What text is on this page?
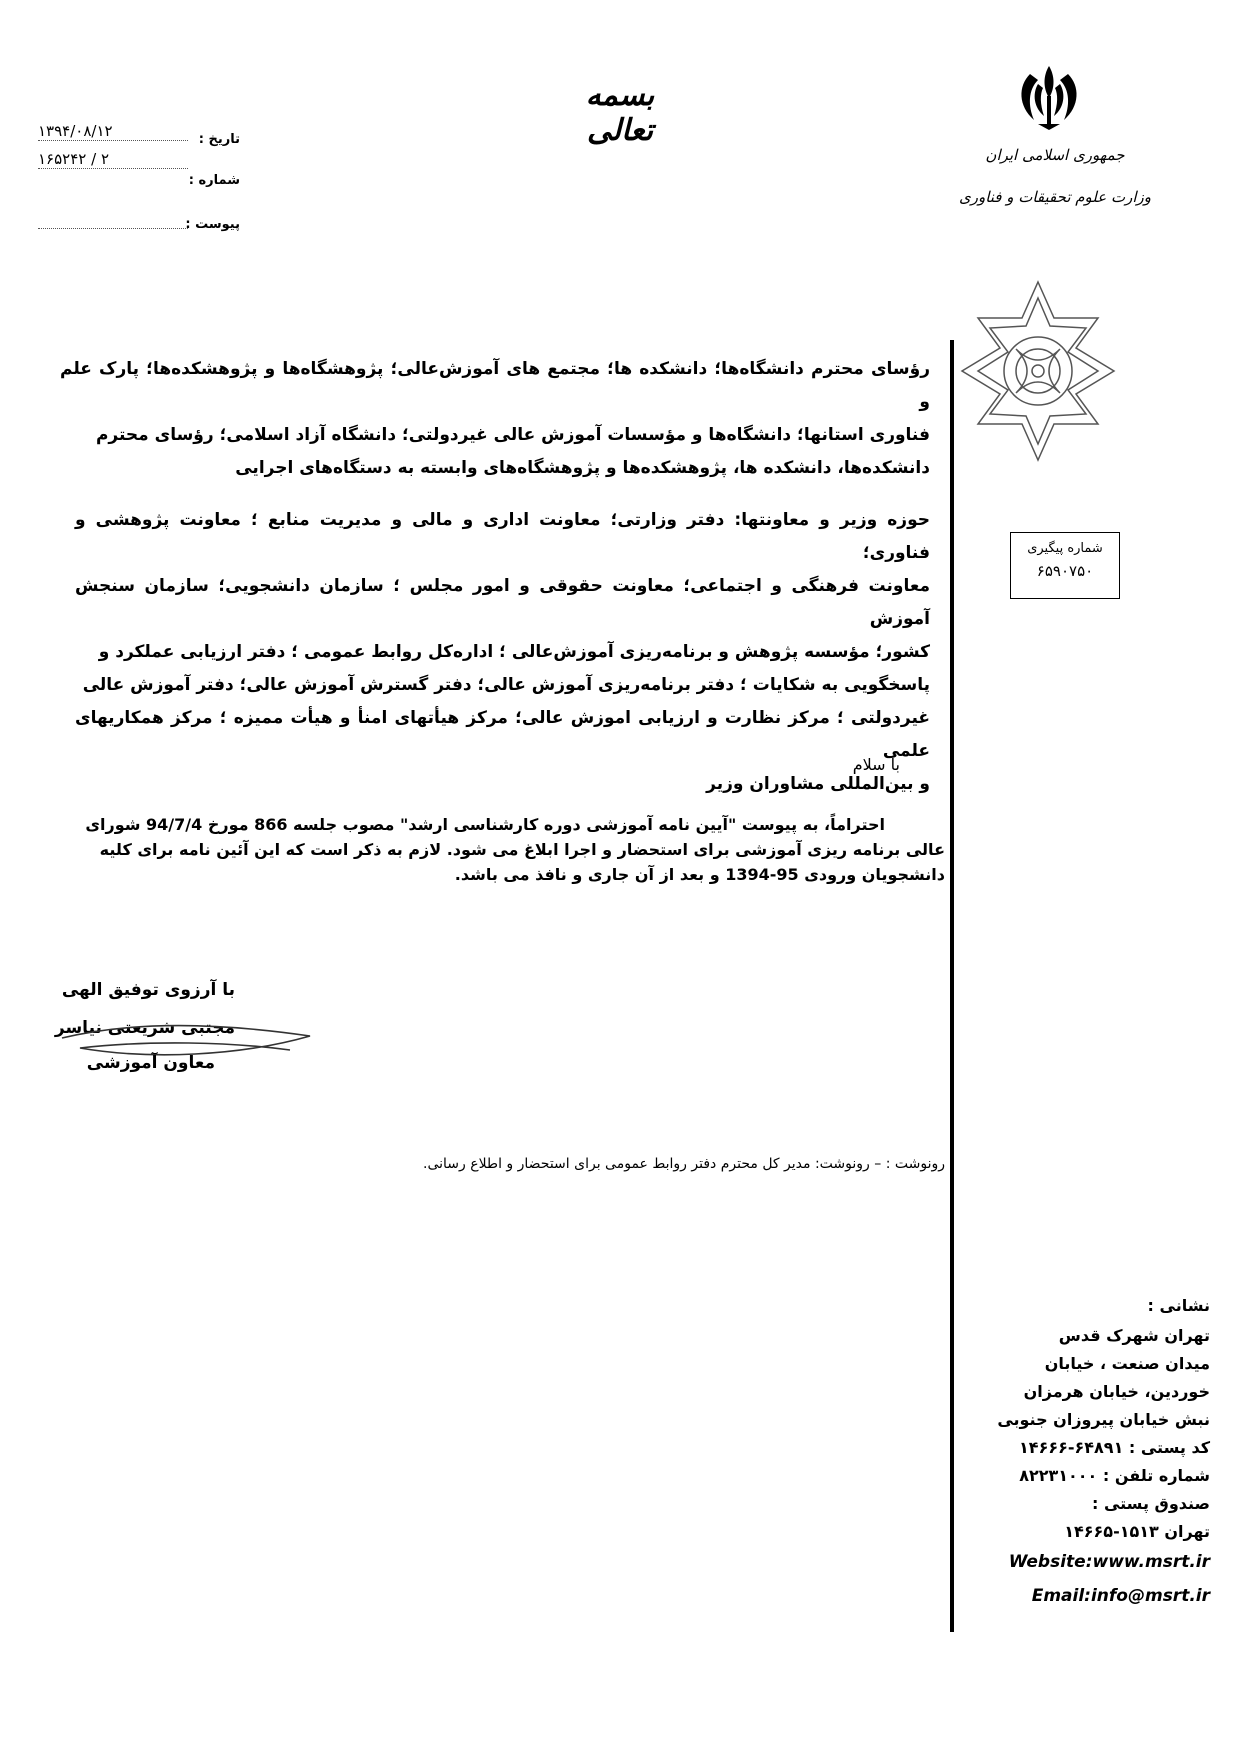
بسمه تعالی
جمهوری اسلامی ایران
وزارت علوم تحقیقات و فناوری
تاریخ :
۱۳۹۴/۰۸/۱۲
شماره :
۲ / ۱۶۵۲۴۲
پیوست :
شماره پیگیری
۶۵۹۰۷۵۰
رؤسای محترم دانشگاه‌ها؛ دانشکده ها؛ مجتمع های آموزش‌عالی؛ پژوهشگاه‌ها و پژوهشکده‌ها؛ پارک علم و
فناوری استانها؛ دانشگاه‌ها و مؤسسات آموزش عالی غیردولتی؛ دانشگاه آزاد اسلامی؛ رؤسای محترم
دانشکده‌ها، دانشکده ها، پژوهشکده‌ها و پژوهشگاه‌های وابسته به دستگاه‌های اجرایی
حوزه وزیر و معاونتها: دفتر وزارتی؛ معاونت اداری و مالی و مدیریت منابع ؛ معاونت پژوهشی و فناوری؛
معاونت فرهنگی و اجتماعی؛ معاونت حقوقی و امور مجلس ؛ سازمان دانشجویی؛ سازمان سنجش آموزش
کشور؛ مؤسسه پژوهش و برنامه‌ریزی آموزش‌عالی ؛ اداره‌کل روابط عمومی ؛ دفتر ارزیابی عملکرد و
پاسخگویی به شکایات ؛ دفتر برنامه‌ریزی آموزش عالی؛ دفتر گسترش آموزش عالی؛ دفتر آموزش عالی
غیردولتی ؛ مرکز نظارت و ارزیابی اموزش عالی؛ مرکز هیأتهای امنأ و هیأت ممیزه ؛ مرکز همکاریهای علمی
و بین‌المللی مشاوران وزیر
با سلام
احتراماً، به پیوست "آیین نامه آموزشی دوره کارشناسی ارشد" مصوب جلسه 866 مورخ 94/7/4 شورای
عالی برنامه ریزی آموزشی برای استحضار و اجرا ابلاغ می شود. لازم به ذکر است که این آئین نامه برای کلیه
دانشجویان ورودی 95-1394 و بعد از آن جاری و نافذ می باشد.
با آرزوی توفیق الهی
مجتبی شریعتی نیاسر
معاون آموزشی
رونوشت : – رونوشت: مدیر کل محترم دفتر روابط عمومی برای استحضار و اطلاع رسانی.
نشانی :
تهران شهرک قدس
میدان صنعت ، خیابان
خوردین، خیابان هرمزان
نبش خیابان پیروزان جنوبی
کد پستی : ۶۴۸۹۱-۱۴۶۶۶
شماره تلفن : ۸۲۲۳۱۰۰۰
صندوق پستی :
تهران ۱۵۱۳-۱۴۶۶۵
Website:www.msrt.ir
Email:info@msrt.ir
